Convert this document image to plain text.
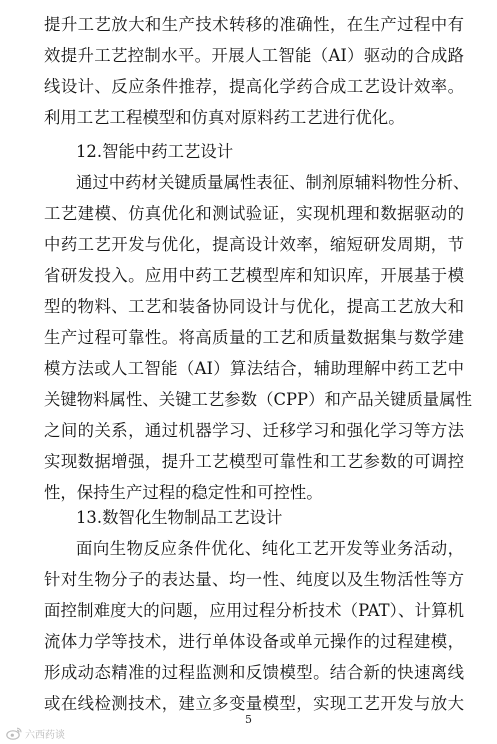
提升工艺放大和生产技术转移的准确性，在生产过程中有
效提升工艺控制水平。开展人工智能（AI）驱动的合成路
线设计、反应条件推荐，提高化学药合成工艺设计效率。
利用工艺工程模型和仿真对原料药工艺进行优化。
12.智能中药工艺设计
通过中药材关键质量属性表征、制剂原辅料物性分析、
工艺建模、仿真优化和测试验证，实现机理和数据驱动的
中药工艺开发与优化，提高设计效率，缩短研发周期，节
省研发投入。应用中药工艺模型库和知识库，开展基于模
型的物料、工艺和装备协同设计与优化，提高工艺放大和
生产过程可靠性。将高质量的工艺和质量数据集与数学建
模方法或人工智能（AI）算法结合，辅助理解中药工艺中
关键物料属性、关键工艺参数（CPP）和产品关键质量属性
之间的关系，通过机器学习、迁移学习和强化学习等方法
实现数据增强，提升工艺模型可靠性和工艺参数的可调控
性，保持生产过程的稳定性和可控性。
13.数智化生物制品工艺设计
面向生物反应条件优化、纯化工艺开发等业务活动，
针对生物分子的表达量、均一性、纯度以及生物活性等方
面控制难度大的问题，应用过程分析技术（PAT）、计算机
流体力学等技术，进行单体设备或单元操作的过程建模，
形成动态精准的过程监测和反馈模型。结合新的快速离线
或在线检测技术，建立多变量模型，实现工艺开发与放大
5
六西药谈
